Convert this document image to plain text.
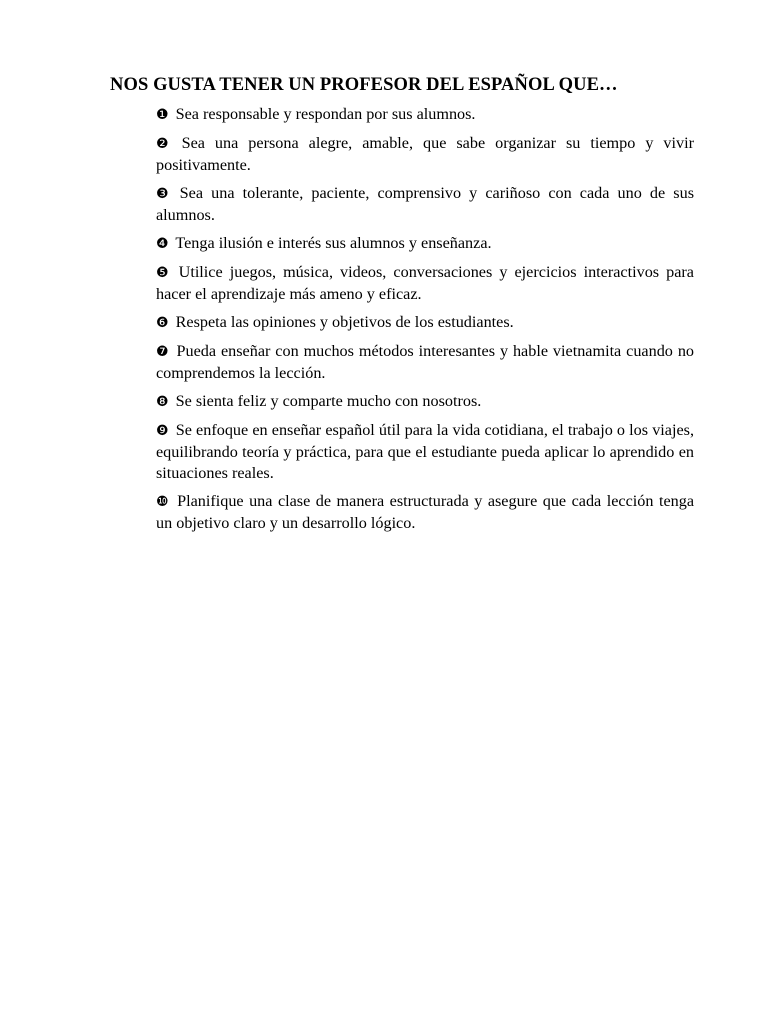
NOS GUSTA TENER UN PROFESOR DEL ESPAÑOL QUE…
❶ Sea responsable y respondan por sus alumnos.
❷ Sea una persona alegre, amable, que sabe organizar su tiempo y vivir positivamente.
❸ Sea una tolerante, paciente, comprensivo y cariñoso con cada uno de sus alumnos.
❹ Tenga ilusión e interés sus alumnos y enseñanza.
❺ Utilice juegos, música, videos, conversaciones y ejercicios interactivos para hacer el aprendizaje más ameno y eficaz.
❻ Respeta las opiniones y objetivos de los estudiantes.
❼ Pueda enseñar con muchos métodos interesantes y hable vietnamita cuando no comprendemos la lección.
❽ Se sienta feliz y comparte mucho con nosotros.
❾ Se enfoque en enseñar español útil para la vida cotidiana, el trabajo o los viajes, equilibrando teoría y práctica, para que el estudiante pueda aplicar lo aprendido en situaciones reales.
❿ Planifique una clase de manera estructurada y asegure que cada lección tenga un objetivo claro y un desarrollo lógico.
